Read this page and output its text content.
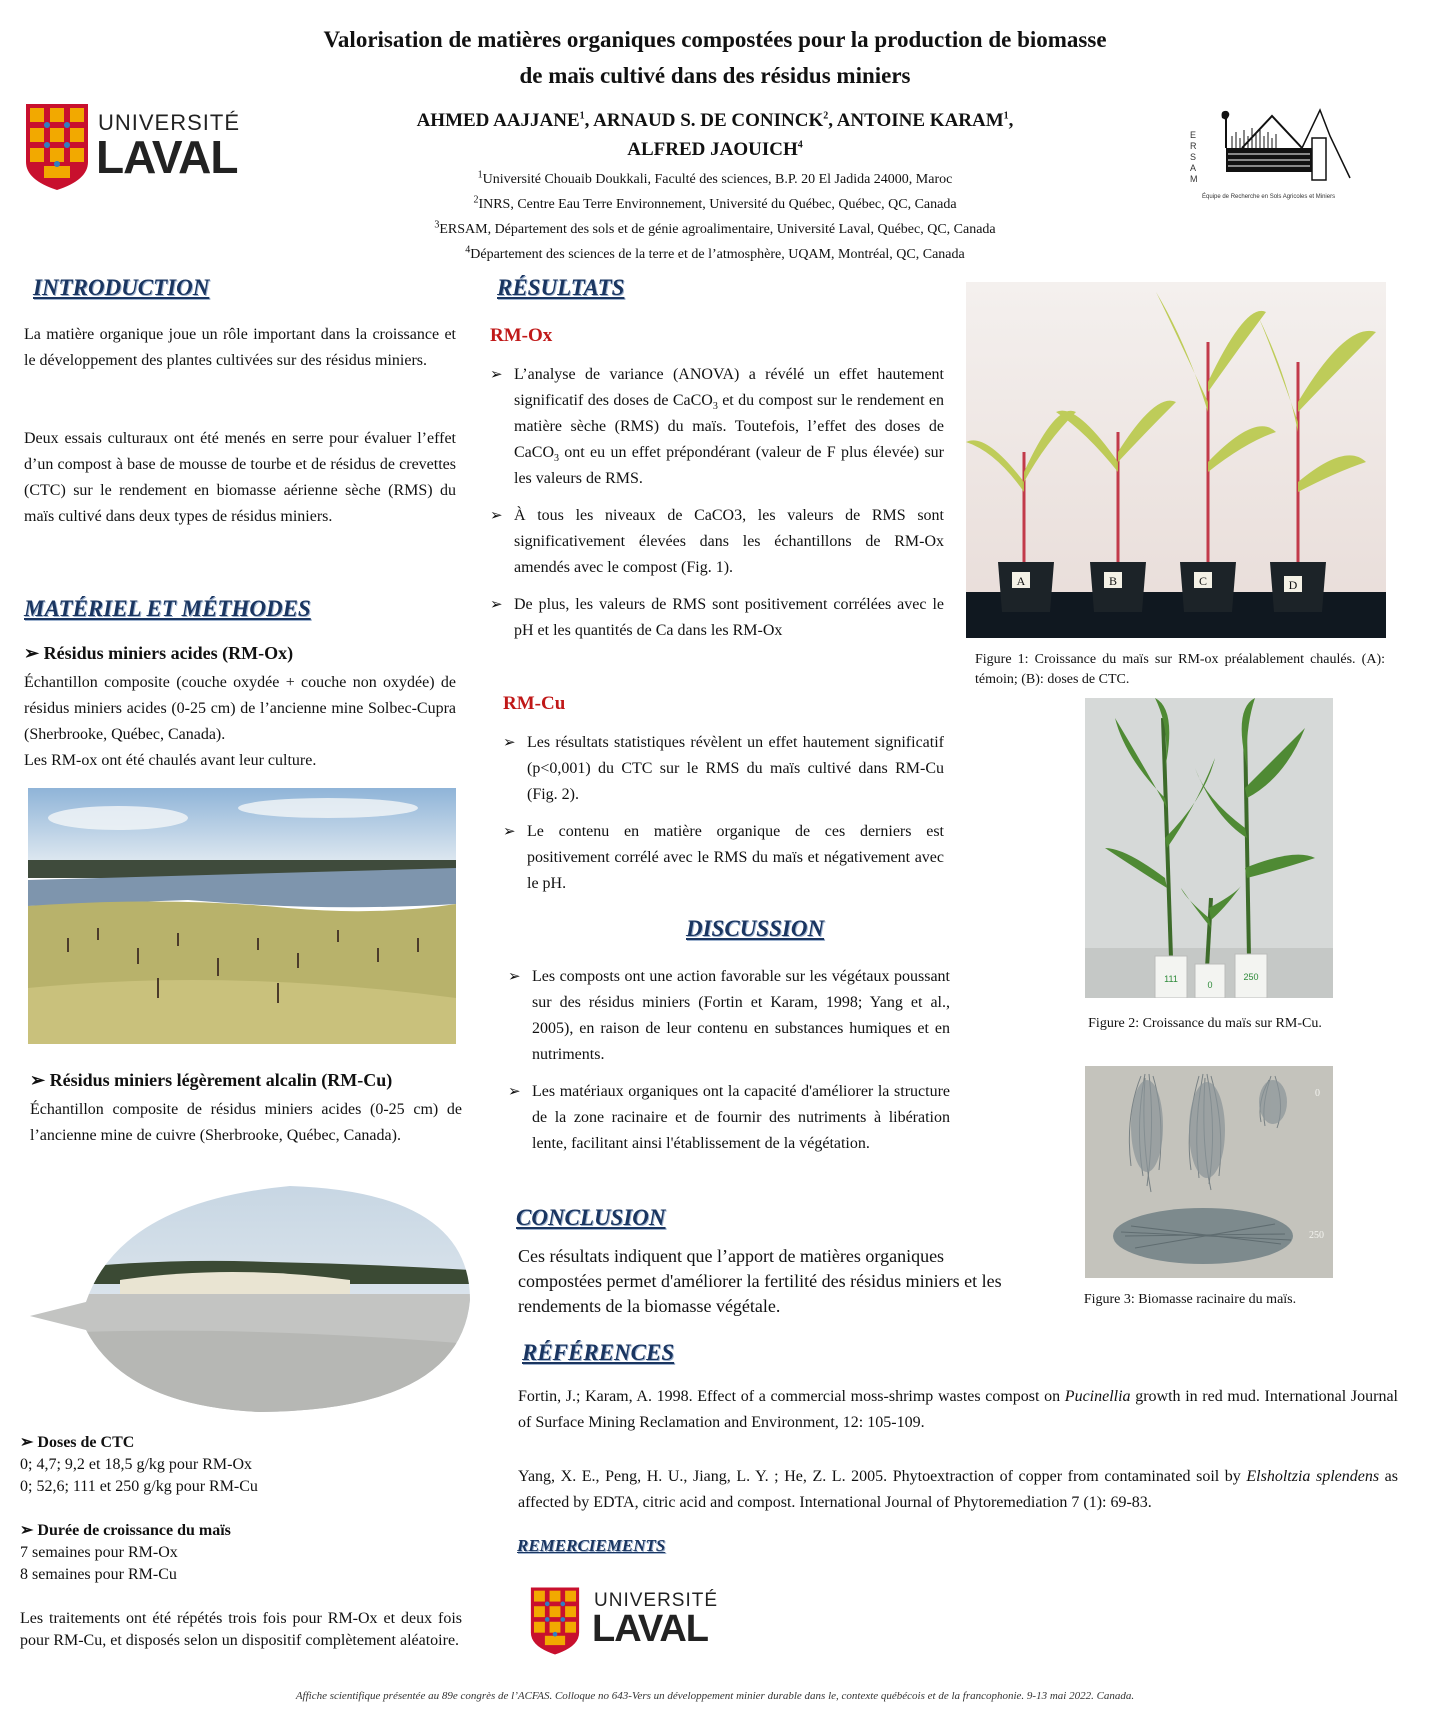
Valorisation de matières organiques compostées pour la production de biomasse
de maïs cultivé dans des résidus miniers
AHMED AAJJANE$^1$, ARNAUD S. DE CONINCK$^2$, ANTOINE KARAM$^1$,
ALFRED JAOUICH$^4$
$^1$Université Chouaib Doukkali, Faculté des sciences, B.P. 20 El Jadida 24000, Maroc
$^2$INRS, Centre Eau Terre Environnement, Université du Québec, Québec, QC, Canada
$^3$ERSAM, Département des sols et de génie agroalimentaire, Université Laval, Québec, QC, Canada
$^4$Département des sciences de la terre et de l’atmosphère, UQAM, Montréal, QC, Canada
UNIVERSITÉ
LAVAL	ERSAM
Équipe de Recherche en Sols Agricoles et Miniers
INTRODUCTION
La matière organique joue un rôle important dans la croissance et le développement des plantes cultivées sur des résidus miniers.
Deux essais culturaux ont été menés en serre pour évaluer l’effet d’un compost à base de mousse de tourbe et de résidus de crevettes (CTC) sur le rendement en biomasse aérienne sèche (RMS) du maïs cultivé dans deux types de résidus miniers.
MATÉRIEL ET MÉTHODES
➢ Résidus miniers acides (RM-Ox)
Échantillon composite (couche oxydée + couche non oxydée) de résidus miniers acides (0-25 cm) de l’ancienne mine Solbec-Cupra (Sherbrooke, Québec, Canada).
Les RM-ox ont été chaulés avant leur culture.
➢ Résidus miniers légèrement alcalin (RM-Cu)
Échantillon composite de résidus miniers acides (0-25 cm) de l’ancienne mine de cuivre (Sherbrooke, Québec, Canada).
➢ Doses de CTC
0; 4,7; 9,2 et 18,5 g/kg pour RM-Ox
0; 52,6; 111 et 250 g/kg pour RM-Cu
➢ Durée de croissance du maïs
7 semaines pour RM-Ox
8 semaines pour RM-Cu
Les traitements ont été répétés trois fois pour RM-Ox et deux fois pour RM-Cu, et disposés selon un dispositif complètement aléatoire.
RÉSULTATS
RM-Ox
➢ L’analyse de variance (ANOVA) a révélé un effet hautement significatif des doses de CaCO$_3$ et du compost sur le rendement en matière sèche (RMS) du maïs. Toutefois, l’effet des doses de CaCO$_3$ ont eu un effet prépondérant (valeur de F plus élevée) sur les valeurs de RMS.
➢ À tous les niveaux de CaCO3, les valeurs de RMS sont significativement élevées dans les échantillons de RM-Ox amendés avec le compost (Fig. 1).
➢ De plus, les valeurs de RMS sont positivement corrélées avec le pH et les quantités de Ca dans les RM-Ox
RM-Cu
➢ Les résultats statistiques révèlent un effet hautement significatif (p<0,001) du CTC sur le RMS du maïs cultivé dans RM-Cu (Fig. 2).
➢ Le contenu en matière organique de ces derniers est positivement corrélé avec le RMS du maïs et négativement avec le pH.
DISCUSSION
➢ Les composts ont une action favorable sur les végétaux poussant sur des résidus miniers (Fortin et Karam, 1998; Yang et al., 2005), en raison de leur contenu en substances humiques et en nutriments.
➢ Les matériaux organiques ont la capacité d'améliorer la structure de la zone racinaire et de fournir des nutriments à libération lente, facilitant ainsi l'établissement de la végétation.
CONCLUSION
Ces résultats indiquent que l’apport de matières organiques compostées permet d'améliorer la fertilité des résidus miniers et les rendements de la biomasse végétale.
RÉFÉRENCES
Fortin, J.; Karam, A. 1998. Effect of a commercial moss-shrimp wastes compost on Pucinellia growth in red mud. International Journal of Surface Mining Reclamation and Environment, 12: 105-109.
Yang, X. E., Peng, H. U., Jiang, L. Y. ; He, Z. L. 2005. Phytoextraction of copper from contaminated soil by Elsholtzia splendens as affected by EDTA, citric acid and compost. International Journal of Phytoremediation 7 (1): 69-83.
REMERCIEMENTS
UNIVERSITÉ
LAVAL
A	B	C	D
Figure 1: Croissance du maïs sur RM-ox préalablement chaulés. (A): témoin; (B): doses de CTC.
111
0
250
Figure 2: Croissance du maïs sur RM-Cu.
0
250
Figure 3: Biomasse racinaire du maïs.
Affiche scientifique présentée au 89e congrès de l’ACFAS. Colloque no 643-Vers un développement minier durable dans le, contexte québécois et de la francophonie. 9-13 mai 2022. Canada.
